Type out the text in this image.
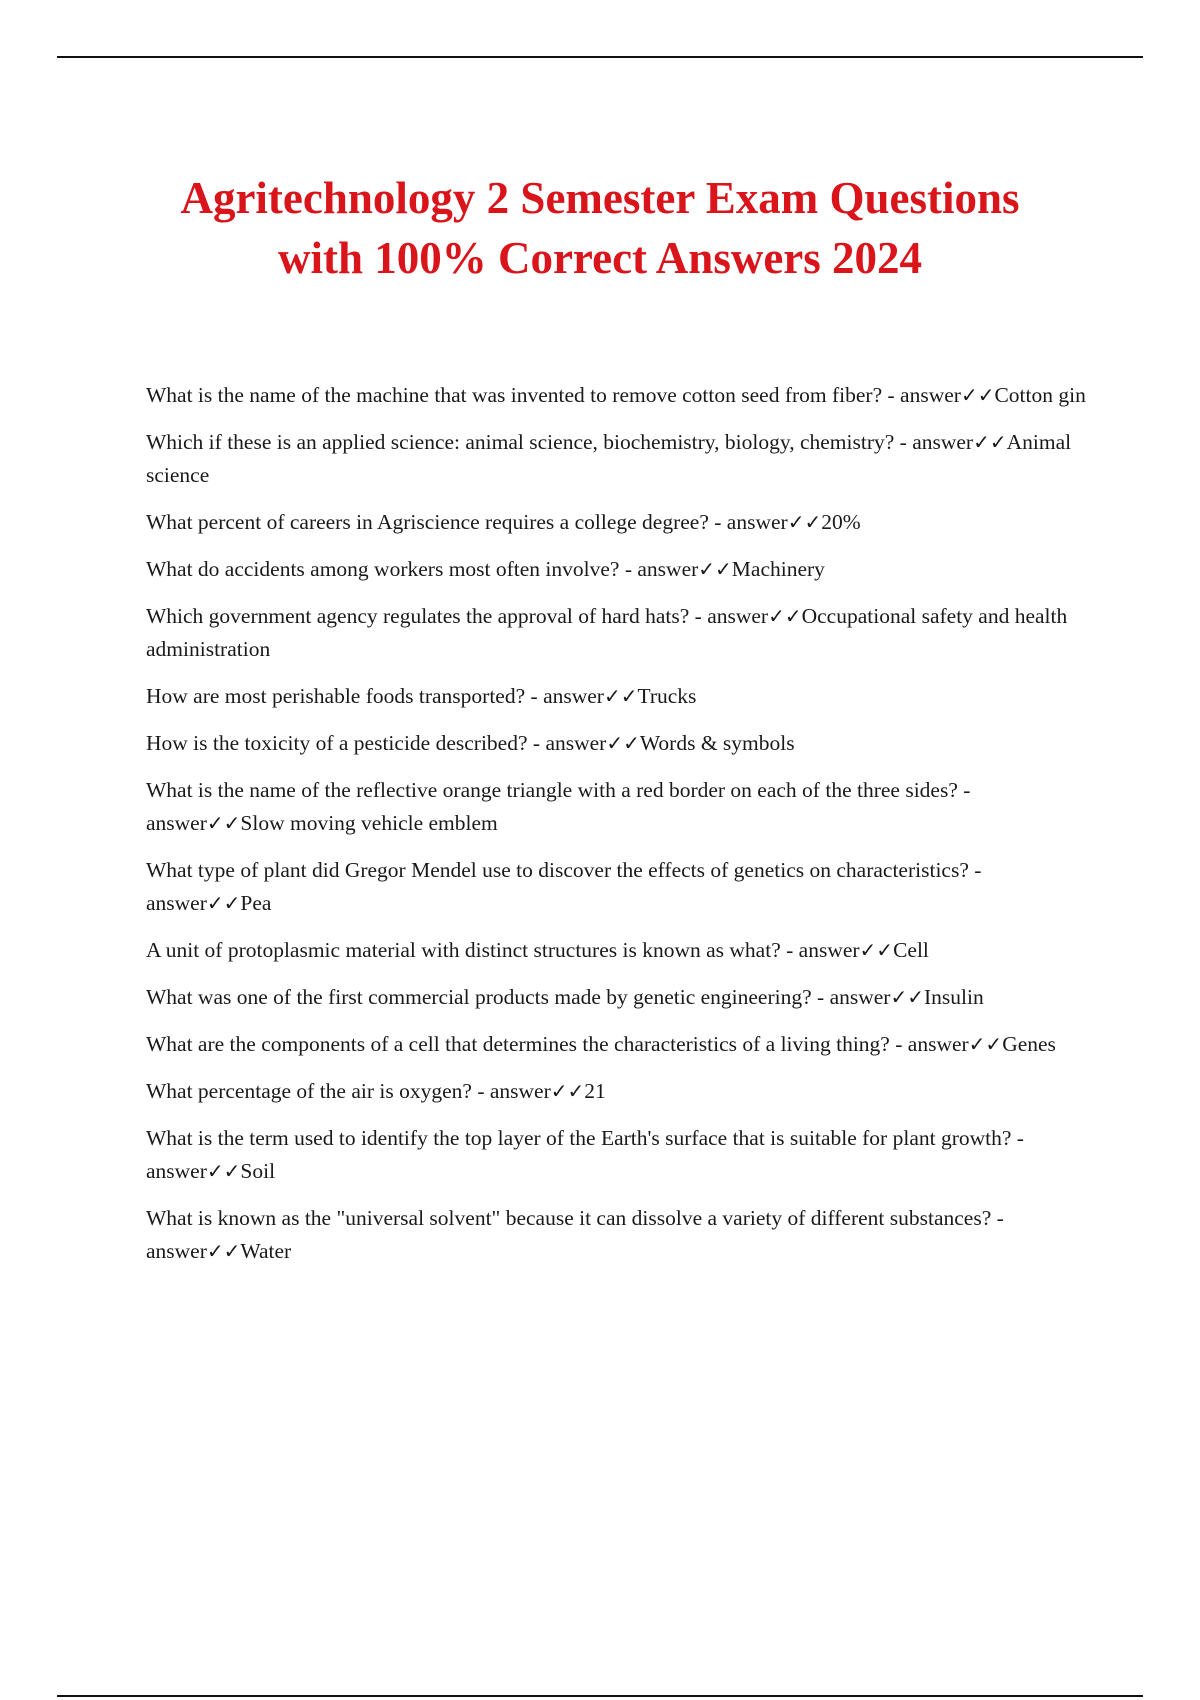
Agritechnology 2 Semester Exam Questions
with 100% Correct Answers 2024
What is the name of the machine that was invented to remove cotton seed from fiber? - answer✓✓Cotton gin
Which if these is an applied science: animal science, biochemistry, biology, chemistry? - answer✓✓Animal science
What percent of careers in Agriscience requires a college degree? - answer✓✓20%
What do accidents among workers most often involve? - answer✓✓Machinery
Which government agency regulates the approval of hard hats? - answer✓✓Occupational safety and health administration
How are most perishable foods transported? - answer✓✓Trucks
How is the toxicity of a pesticide described? - answer✓✓Words & symbols
What is the name of the reflective orange triangle with a red border on each of the three sides? - answer✓✓Slow moving vehicle emblem
What type of plant did Gregor Mendel use to discover the effects of genetics on characteristics? - answer✓✓Pea
A unit of protoplasmic material with distinct structures is known as what? - answer✓✓Cell
What was one of the first commercial products made by genetic engineering? - answer✓✓Insulin
What are the components of a cell that determines the characteristics of a living thing? - answer✓✓Genes
What percentage of the air is oxygen? - answer✓✓21
What is the term used to identify the top layer of the Earth's surface that is suitable for plant growth? - answer✓✓Soil
What is known as the "universal solvent" because it can dissolve a variety of different substances? - answer✓✓Water
